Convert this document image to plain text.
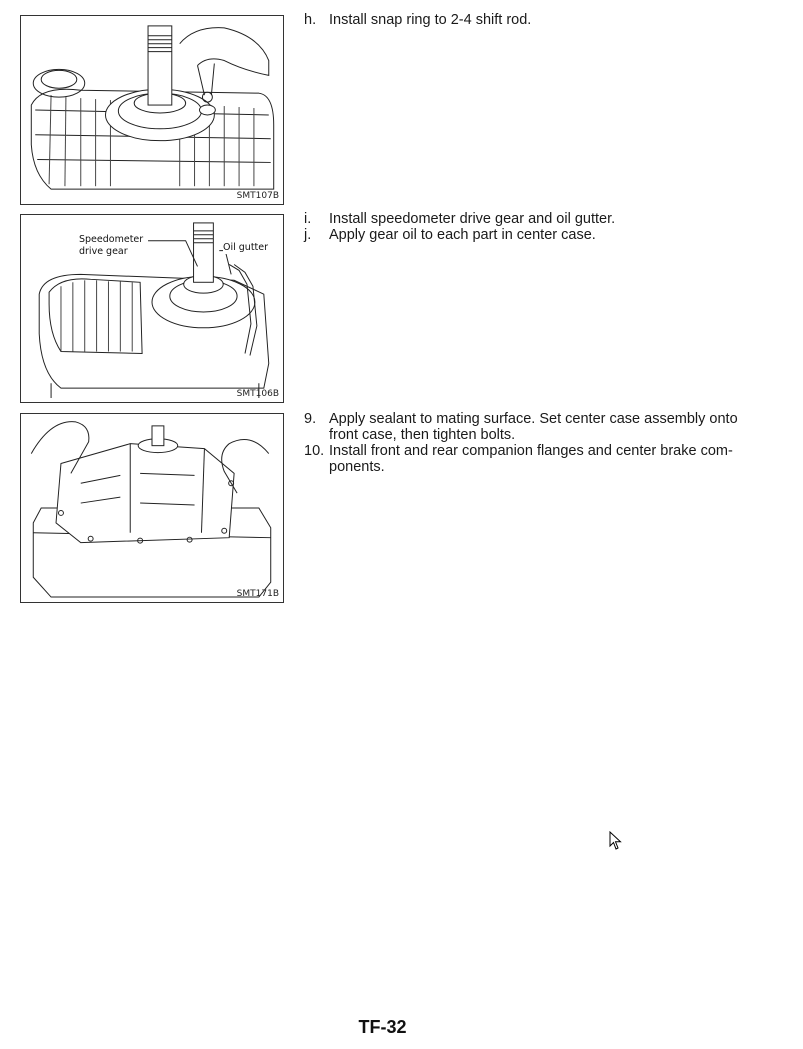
SMT107B
Speedometer
drive gear	Oil gutter
SMT106B
SMT171B

h. Install snap ring to 2-4 shift rod.

i.	Install speedometer drive gear and oil gutter.

j.	Apply gear oil to each part in center case.

9. Apply sealant to mating surface. Set center case assembly onto front case, then tighten bolts.

10. Install front and rear companion flanges and center brake com-ponents.

TF-32
